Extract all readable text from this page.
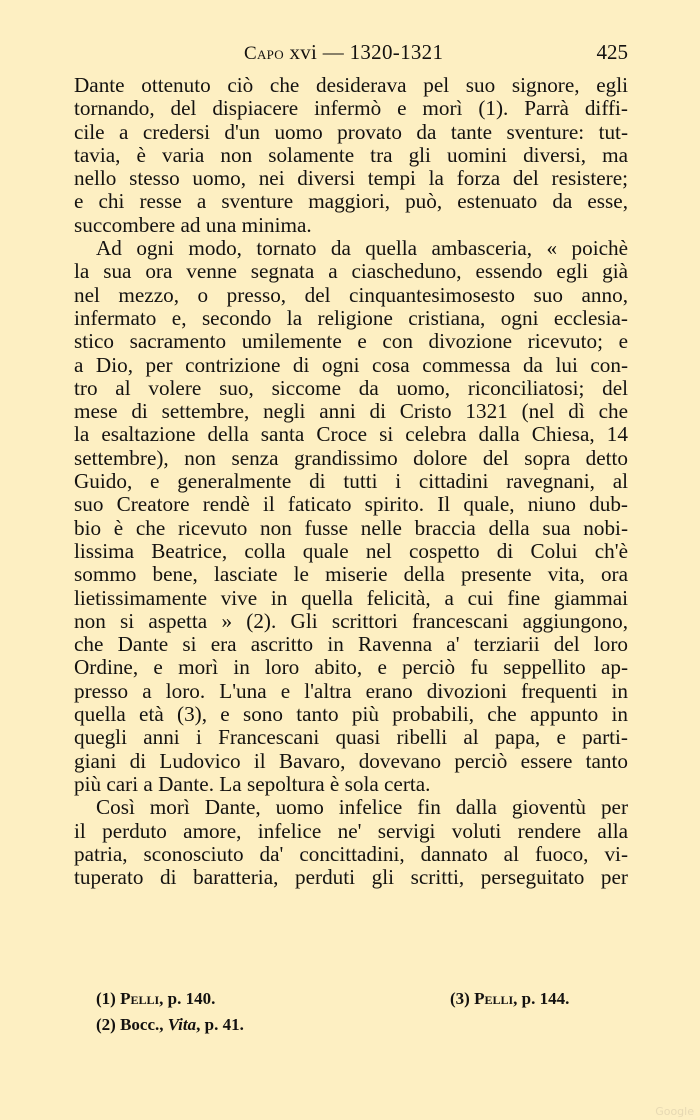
Capo xvi — 1320-1321	425
Dante ottenuto ciò che desiderava pel suo signore, egli
tornando, del dispiacere infermò e morì (1). Parrà diffi-
cile a credersi d'un uomo provato da tante sventure: tut-
tavia, è varia non solamente tra gli uomini diversi, ma
nello stesso uomo, nei diversi tempi la forza del resistere;
e chi resse a sventure maggiori, può, estenuato da esse,
succombere ad una minima.
Ad ogni modo, tornato da quella ambasceria, « poichè
la sua ora venne segnata a ciascheduno, essendo egli già
nel mezzo, o presso, del cinquantesimosesto suo anno,
infermato e, secondo la religione cristiana, ogni ecclesia-
stico sacramento umilemente e con divozione ricevuto; e
a Dio, per contrizione di ogni cosa commessa da lui con-
tro al volere suo, siccome da uomo, riconciliatosi; del
mese di settembre, negli anni di Cristo 1321 (nel dì che
la esaltazione della santa Croce si celebra dalla Chiesa, 14
settembre), non senza grandissimo dolore del sopra detto
Guido, e generalmente di tutti i cittadini ravegnani, al
suo Creatore rendè il faticato spirito. Il quale, niuno dub-
bio è che ricevuto non fusse nelle braccia della sua nobi-
lissima Beatrice, colla quale nel cospetto di Colui ch'è
sommo bene, lasciate le miserie della presente vita, ora
lietissimamente vive in quella felicità, a cui fine giammai
non si aspetta » (2). Gli scrittori francescani aggiungono,
che Dante si era ascritto in Ravenna a' terziarii del loro
Ordine, e morì in loro abito, e perciò fu seppellito ap-
presso a loro. L'una e l'altra erano divozioni frequenti in
quella età (3), e sono tanto più probabili, che appunto in
quegli anni i Francescani quasi ribelli al papa, e parti-
giani di Ludovico il Bavaro, dovevano perciò essere tanto
più cari a Dante. La sepoltura è sola certa.
Così morì Dante, uomo infelice fin dalla gioventù per
il perduto amore, infelice ne' servigi voluti rendere alla
patria, sconosciuto da' concittadini, dannato al fuoco, vi-
tuperato di baratteria, perduti gli scritti, perseguitato per
(1) Pelli, p. 140.
(2) Bocc., Vita, p. 41.
(3) Pelli, p. 144.
Google
